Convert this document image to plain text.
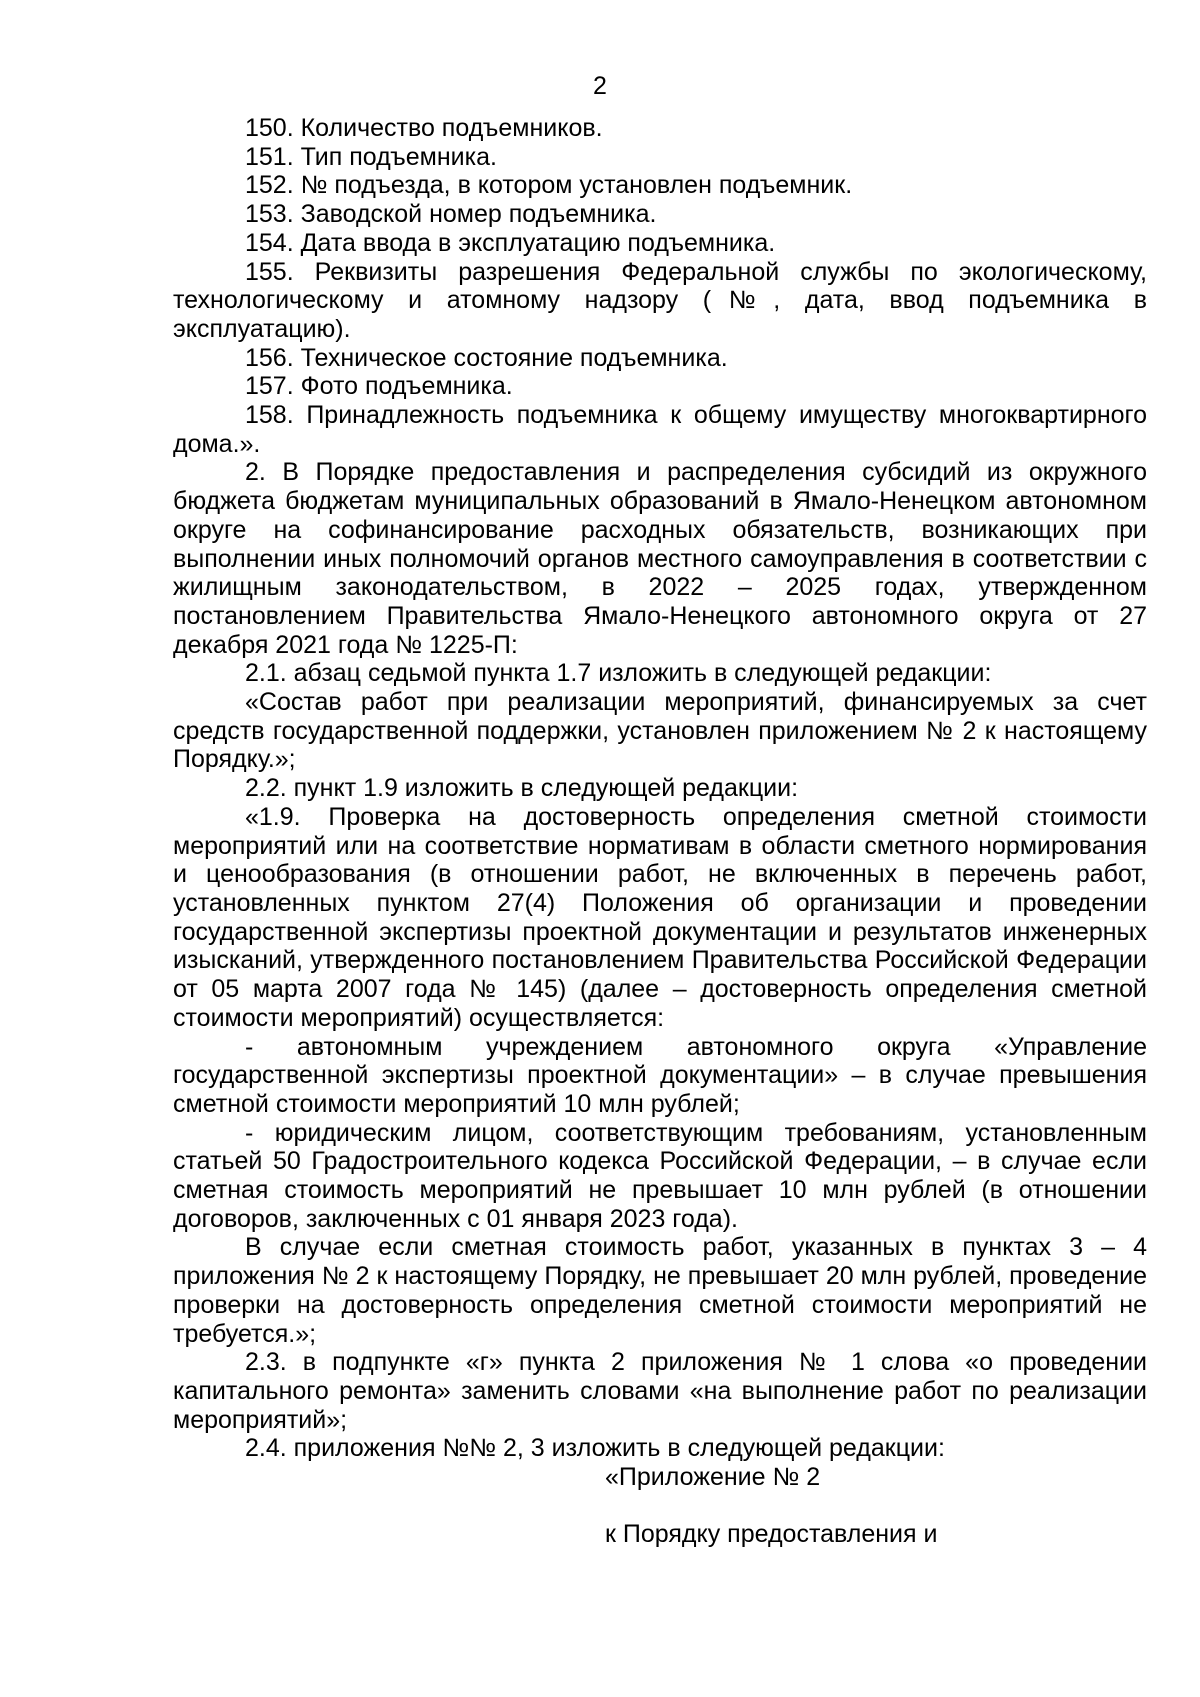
2

150. Количество подъемников.

151. Тип подъемника.

152. № подъезда, в котором установлен подъемник.

153. Заводской номер подъемника.

154. Дата ввода в эксплуатацию подъемника.

155. Реквизиты разрешения Федеральной службы по экологическому, технологическому и атомному надзору (№, дата, ввод подъемника в эксплуатацию).

156. Техническое состояние подъемника.

157. Фото подъемника.

158. Принадлежность подъемника к общему имуществу многоквартирного дома.».

2. В Порядке предоставления и распределения субсидий из окружного бюджета бюджетам муниципальных образований в Ямало-Ненецком автономном округе на софинансирование расходных обязательств, возникающих при выполнении иных полномочий органов местного самоуправления в соответствии с жилищным законодательством, в 2022 – 2025 годах, утвержденном постановлением Правительства Ямало-Ненецкого автономного округа от 27 декабря 2021 года № 1225-П:

2.1. абзац седьмой пункта 1.7 изложить в следующей редакции:

«Состав работ при реализации мероприятий, финансируемых за счет средств государственной поддержки, установлен приложением № 2 к настоящему Порядку.»;

2.2. пункт 1.9 изложить в следующей редакции:

«1.9. Проверка на достоверность определения сметной стоимости мероприятий или на соответствие нормативам в области сметного нормирования и ценообразования (в отношении работ, не включенных в перечень работ, установленных пунктом 27(4) Положения об организации и проведении государственной экспертизы проектной документации и результатов инженерных изысканий, утвержденного постановлением Правительства Российской Федерации от 05 марта 2007 года № 145) (далее – достоверность определения сметной стоимости мероприятий) осуществляется:

- автономным учреждением автономного округа «Управление государственной экспертизы проектной документации» – в случае превышения сметной стоимости мероприятий 10 млн рублей;

- юридическим лицом, соответствующим требованиям, установленным статьей 50 Градостроительного кодекса Российской Федерации, – в случае если сметная стоимость мероприятий не превышает 10 млн рублей (в отношении договоров, заключенных с 01 января 2023 года).

В случае если сметная стоимость работ, указанных в пунктах 3 – 4 приложения № 2 к настоящему Порядку, не превышает 20 млн рублей, проведение проверки на достоверность определения сметной стоимости мероприятий не требуется.»;

2.3. в подпункте «г» пункта 2 приложения № 1 слова «о проведении капитального ремонта» заменить словами «на выполнение работ по реализации мероприятий»;

2.4. приложения №№ 2, 3 изложить в следующей редакции:

«Приложение № 2

к Порядку предоставления и
